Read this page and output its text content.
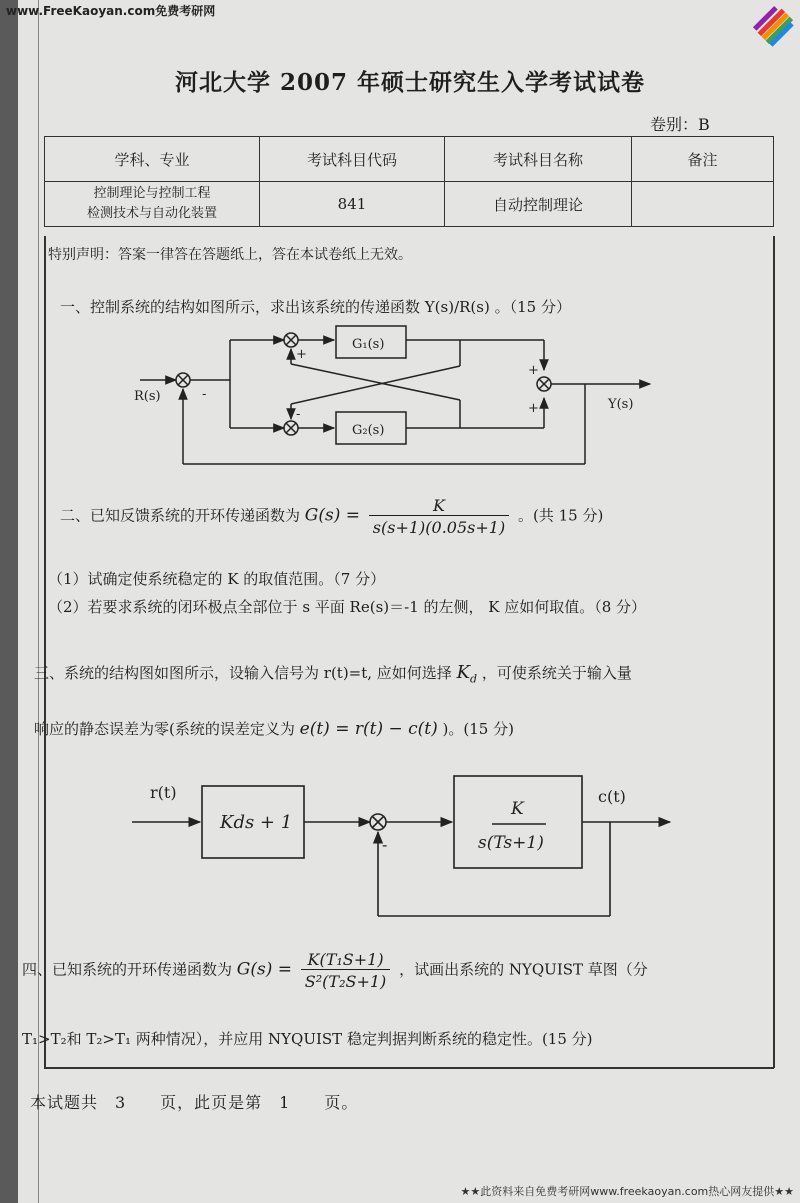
www.FreeKaoyan.com免费考研网
河北大学 2007 年硕士研究生入学考试试卷
卷别：B
学科、专业	考试科目代码	考试科目名称	备注

控制理论与控制工程
检测技术与自动化装置	841	自动控制理论	
特别声明：答案一律答在答题纸上，答在本试卷纸上无效。
一、控制系统的结构如图所示，求出该系统的传递函数 Y(s)/R(s) 。（15 分）
R(s)
Y(s)
G₁(s)
G₂(s)
-
+
-
+
+
二、已知反馈系统的开环传递函数为 $G(s) = \frac{K}{s(s+1)(0.05s+1)}$ 。(共 15 分)
（1）试确定使系统稳定的 K 的取值范围。（7 分）
（2）若要求系统的闭环极点全部位于 s 平面 Re(s)＝-1 的左侧， K 应如何取值。（8 分）
三、系统的结构图如图所示，设输入信号为 r(t)=t, 应如何选择 $K_d$ ，可使系统关于输入量
响应的静态误差为零(系统的误差定义为 e(t) = r(t) − c(t) )。(15 分)
r(t)	c(t)
Kds + 1
K
s(Ts+1)
-
四、已知系统的开环传递函数为 $G(s) = \frac{\text{K(T₁S+1)}}{\text{S²(T₂S+1)}}$ ，试画出系统的 NYQUIST 草图（分
T₁>T₂和 T₂>T₁ 两种情况），并应用 NYQUIST 稳定判据判断系统的稳定性。(15 分)
本试题共　3　　页，此页是第　1　　页。
★★此资料来自免费考研网www.freekaoyan.com热心网友提供★★
